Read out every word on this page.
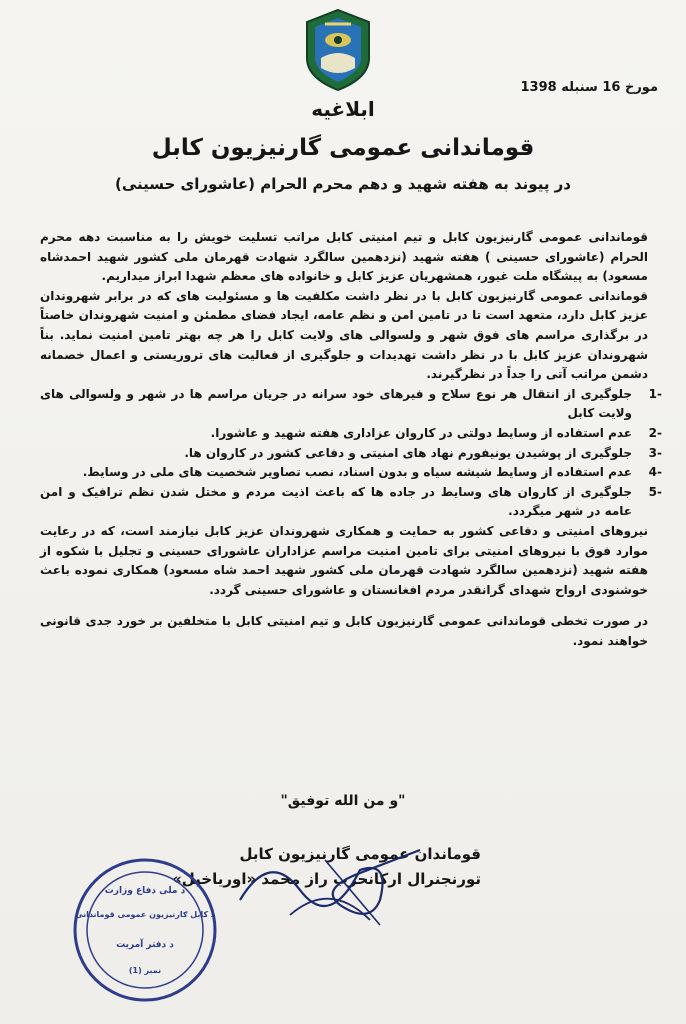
مورخ 16 سنبله 1398
ابلاغیه
قوماندانی عمومی گارنیزیون کابل
در پیوند به هفته شهید و دهم محرم الحرام (عاشورای حسینی)

قوماندانی عمومی گارنیزیون کابل و تیم امنیتی کابل مراتب تسلیت خویش را به مناسبت دهه محرم الحرام (عاشورای حسینی ) هفته شهید (نزدهمین سالگرد شهادت قهرمان ملی کشور شهید احمدشاه مسعود) به پیشگاه ملت غیور، همشهریان عزیز کابل و خانواده های معظم شهدا ابراز میداریم.

قوماندانی عمومی گارنیزیون کابل با در نظر داشت مکلفیت ها و مسئولیت های که در برابر شهروندان عزیز کابل دارد، متعهد است تا در تامین امن و نظم عامه، ایجاد فضای مطمئن و امنیت شهروندان خاصتاً در برگذاری مراسم های فوق شهر و ولسوالی های ولایت کابل را هر چه بهتر تامین امنیت نماید. بناً شهروندان عزیز کابل با در نظر داشت تهدیدات و جلوگیری از فعالیت های تروریستی و اعمال خصمانه دشمن مراتب آتی را جداً در نظرگیرند.

-1
جلوگیری از انتقال هر نوع سلاح و فیرهای خود سرانه در جریان مراسم ها در شهر و ولسوالی های ولایت کابل
-2
عدم استفاده از وسایط دولتی در کاروان عزاداری هفته شهید و عاشورا.
-3
جلوگیری از پوشیدن یونیفورم نهاد های امنیتی و دفاعی کشور در کاروان ها.
-4
عدم استفاده از وسایط شیشه سیاه و بدون اسناد، نصب تصاویر شخصیت های ملی در وسایط.
-5
جلوگیری از کاروان های وسایط در جاده ها که باعث اذیت مردم و مختل شدن نظم ترافیک و امن عامه در شهر میگردد.

نیروهای امنیتی و دفاعی کشور به حمایت و همکاری شهروندان عزیز کابل نیازمند است، که در رعایت موارد فوق با نیروهای امنیتی برای تامین امنیت مراسم عزاداران عاشورای حسینی و تجلیل با شکوه از هفته شهید (نزدهمین سالگرد شهادت قهرمان ملی کشور شهید احمد شاه مسعود) همکاری نموده باعث خوشنودی ارواح شهدای گرانقدر مردم افغانستان و عاشورای حسینی گردد.

در صورت تخطی قوماندانی عمومی گارنیزیون کابل و تیم امنیتی کابل با متخلفین بر خورد جدی قانونی خواهند نمود.

"و من الله توفیق"
قوماندان عمومی گارنیزیون کابل
تورنجنرال ارکانحرب راز محمد «اوریاخیل»
د ملی دفاع وزارت
د کابل ګارنیزیون عمومی قوماندانی
د دفتر آمریت
نمبر (1)
